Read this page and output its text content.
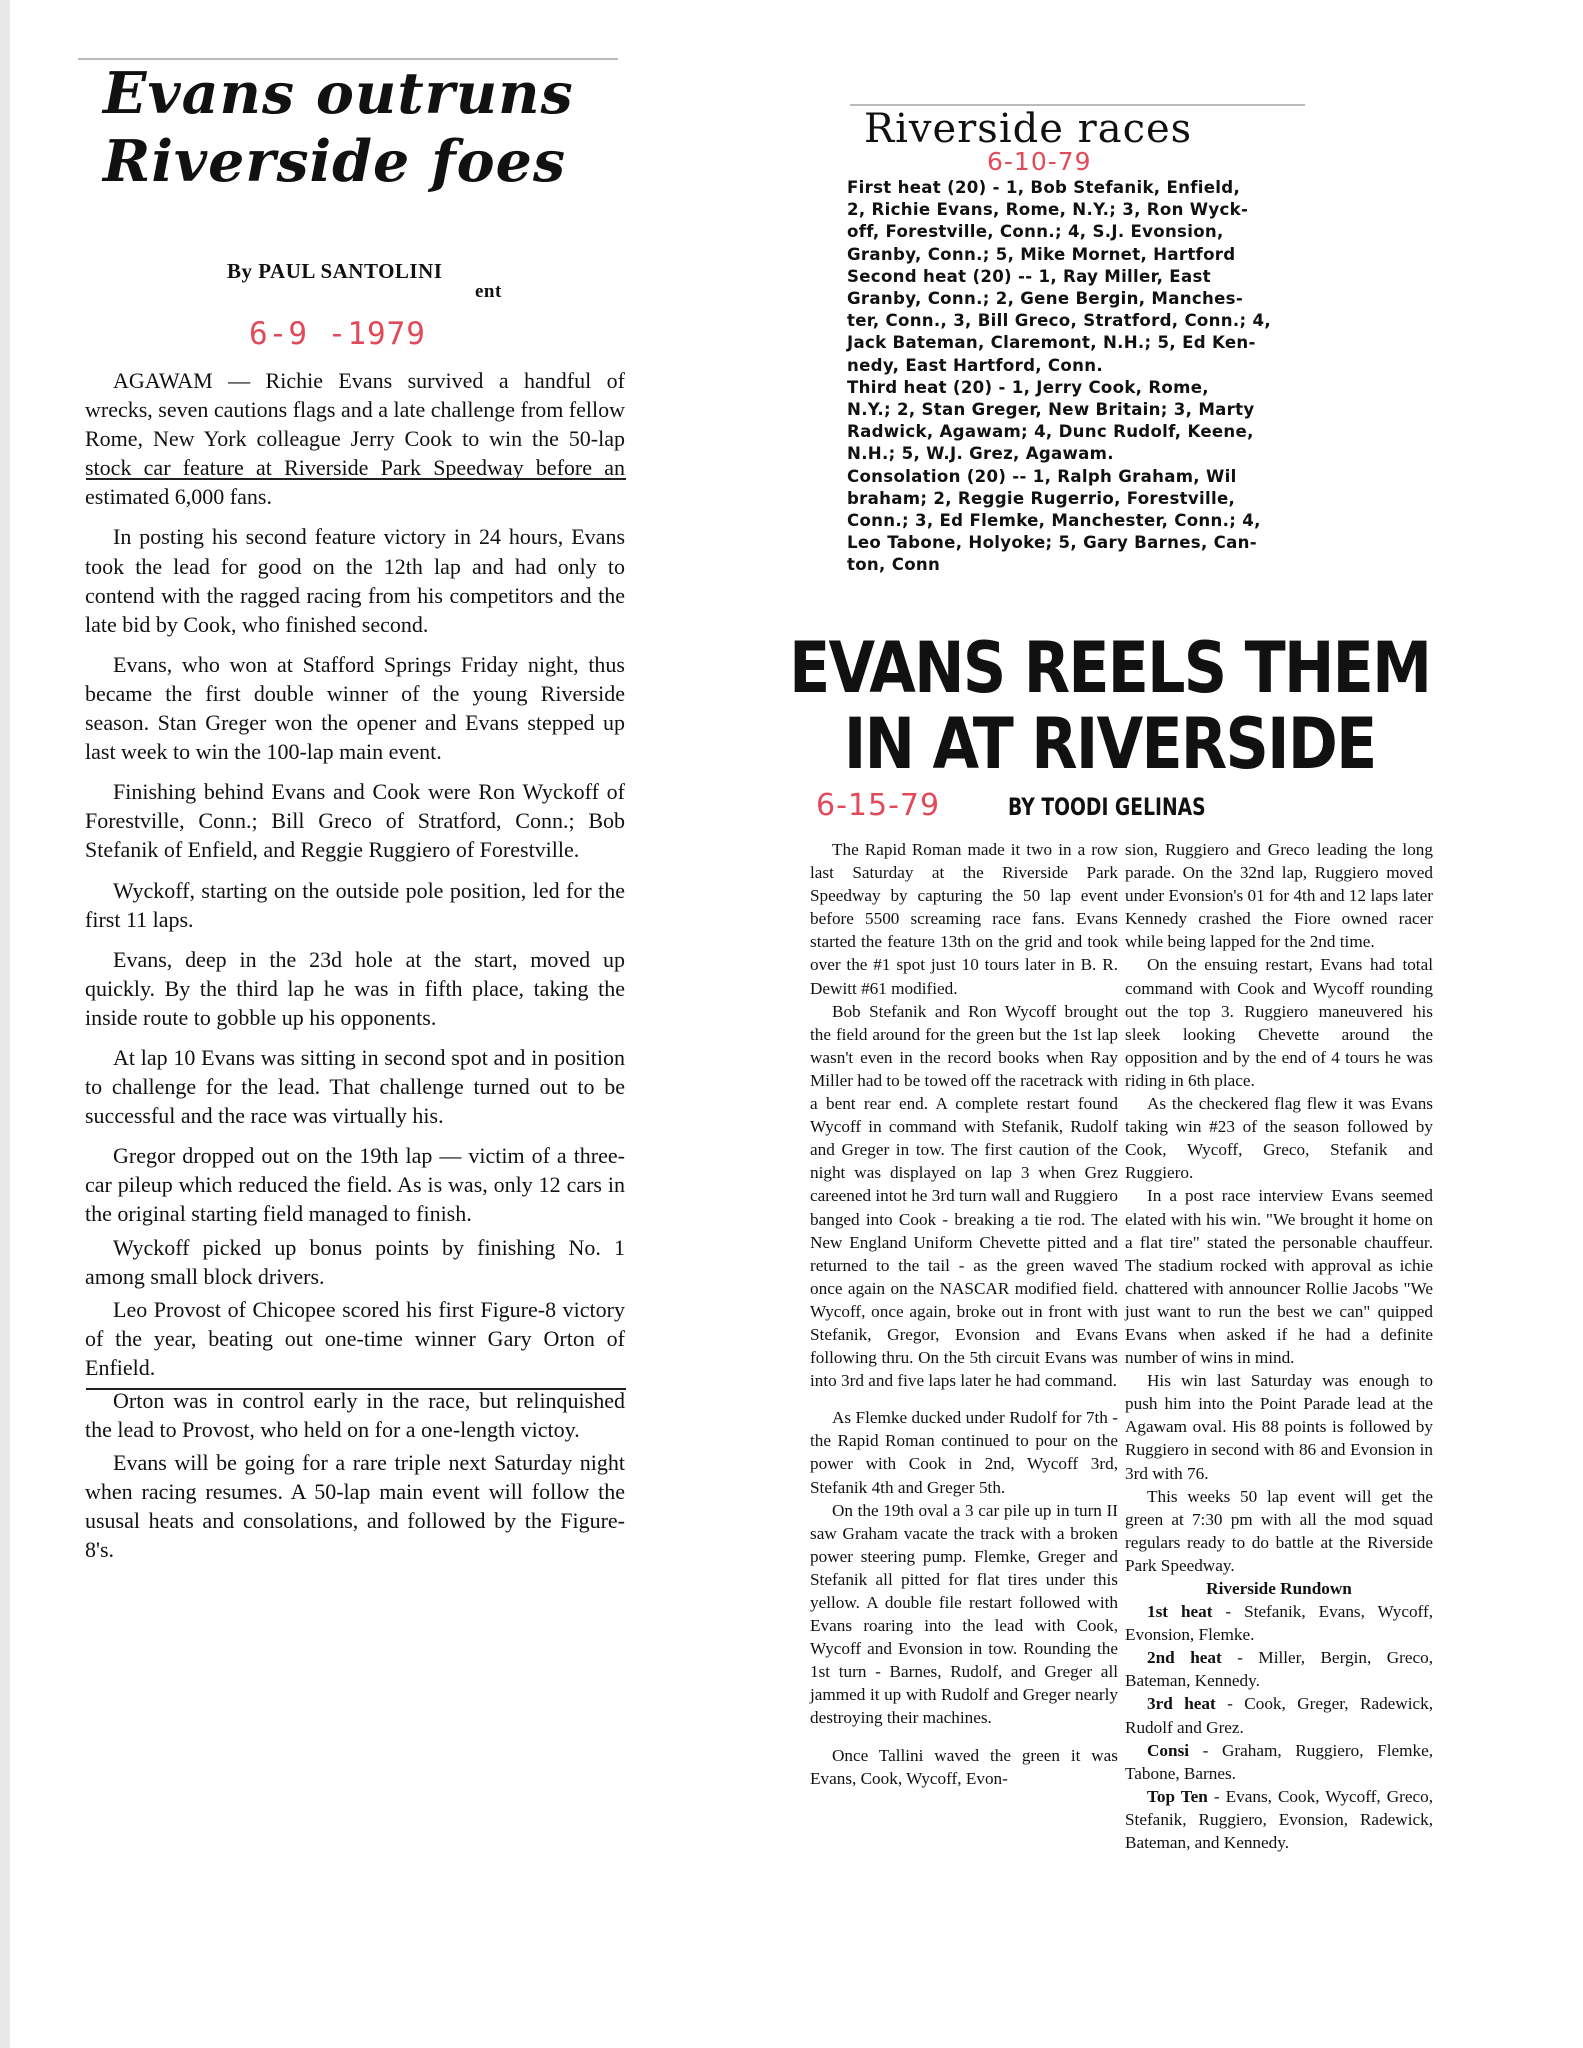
Evans outruns
Riverside foes
By PAUL SANTOLINI
ent
6-9 -1979

AGAWAM — Richie Evans survived a handful of wrecks, seven cautions flags and a late challenge from fellow Rome, New York colleague Jerry Cook to win the 50-lap stock car feature at Riverside Park Speedway before an estimated 6,000 fans.

In posting his second feature victory in 24 hours, Evans took the lead for good on the 12th lap and had only to contend with the ragged racing from his competitors and the late bid by Cook, who finished second.

Evans, who won at Stafford Springs Friday night, thus became the first double winner of the young Riverside season. Stan Greger won the opener and Evans stepped up last week to win the 100-lap main event.

Finishing behind Evans and Cook were Ron Wyckoff of Forestville, Conn.; Bill Greco of Stratford, Conn.; Bob Stefanik of Enfield, and Reggie Ruggiero of Forestville.

Wyckoff, starting on the outside pole position, led for the first 11 laps.

Evans, deep in the 23d hole at the start, moved up quickly. By the third lap he was in fifth place, taking the inside route to gobble up his opponents.

At lap 10 Evans was sitting in second spot and in position to challenge for the lead. That challenge turned out to be successful and the race was virtually his.

Gregor dropped out on the 19th lap — victim of a three-car pileup which reduced the field. As is was, only 12 cars in the original starting field managed to finish.

Wyckoff picked up bonus points by finishing No. 1 among small block drivers.

Leo Provost of Chicopee scored his first Figure-8 victory of the year, beating out one-time winner Gary Orton of Enfield.

Orton was in control early in the race, but relinquished the lead to Provost, who held on for a one-length victoy.

Evans will be going for a rare triple next Saturday night when racing resumes. A 50-lap main event will follow the ususal heats and consolations, and followed by the Figure-8's.

Riverside races
6-10-79
First heat (20) - 1, Bob Stefanik, Enfield,
2, Richie Evans, Rome, N.Y.; 3, Ron Wyck-
off, Forestville, Conn.; 4, S.J. Evonsion,
Granby, Conn.; 5, Mike Mornet, Hartford
Second heat (20) -- 1, Ray Miller, East
Granby, Conn.; 2, Gene Bergin, Manches-
ter, Conn., 3, Bill Greco, Stratford, Conn.; 4,
Jack Bateman, Claremont, N.H.; 5, Ed Ken-
nedy, East Hartford, Conn.
Third heat (20) - 1, Jerry Cook, Rome,
N.Y.; 2, Stan Greger, New Britain; 3, Marty
Radwick, Agawam; 4, Dunc Rudolf, Keene,
N.H.; 5, W.J. Grez, Agawam.
Consolation (20) -- 1, Ralph Graham, Wil
braham; 2, Reggie Rugerrio, Forestville,
Conn.; 3, Ed Flemke, Manchester, Conn.; 4,
Leo Tabone, Holyoke; 5, Gary Barnes, Can-
ton, Conn
EVANS REELS THEM
IN AT RIVERSIDE
6-15-79	BY TOODI GELINAS

The Rapid Roman made it two in a row last Saturday at the Riverside Park Speedway by capturing the 50 lap event before 5500 screaming race fans. Evans started the feature 13th on the grid and took over the #1 spot just 10 tours later in B. R. Dewitt #61 modified.

Bob Stefanik and Ron Wycoff brought the field around for the green but the 1st lap wasn't even in the record books when Ray Miller had to be towed off the racetrack with a bent rear end. A complete restart found Wycoff in command with Stefanik, Rudolf and Greger in tow. The first caution of the night was displayed on lap 3 when Grez careened intot he 3rd turn wall and Ruggiero banged into Cook - breaking a tie rod. The New England Uniform Chevette pitted and returned to the tail - as the green waved once again on the NASCAR modified field. Wycoff, once again, broke out in front with Stefanik, Gregor, Evonsion and Evans following thru. On the 5th circuit Evans was into 3rd and five laps later he had command.

As Flemke ducked under Rudolf for 7th - the Rapid Roman continued to pour on the power with Cook in 2nd, Wycoff 3rd, Stefanik 4th and Greger 5th.

On the 19th oval a 3 car pile up in turn II saw Graham vacate the track with a broken power steering pump. Flemke, Greger and Stefanik all pitted for flat tires under this yellow. A double file restart followed with Evans roaring into the lead with Cook, Wycoff and Evonsion in tow. Rounding the 1st turn - Barnes, Rudolf, and Greger all jammed it up with Rudolf and Greger nearly destroying their machines.

Once Tallini waved the green it was Evans, Cook, Wycoff, Evon-

sion, Ruggiero and Greco leading the long parade. On the 32nd lap, Ruggiero moved under Evonsion's 01 for 4th and 12 laps later Kennedy crashed the Fiore owned racer while being lapped for the 2nd time.

On the ensuing restart, Evans had total command with Cook and Wycoff rounding out the top 3. Ruggiero maneuvered his sleek looking Chevette around the opposition and by the end of 4 tours he was riding in 6th place.

As the checkered flag flew it was Evans taking win #23 of the season followed by Cook, Wycoff, Greco, Stefanik and Ruggiero.

In a post race interview Evans seemed elated with his win. "We brought it home on a flat tire" stated the personable chauffeur. The stadium rocked with approval as ichie chattered with announcer Rollie Jacobs "We just want to run the best we can" quipped Evans when asked if he had a definite number of wins in mind.

His win last Saturday was enough to push him into the Point Parade lead at the Agawam oval. His 88 points is followed by Ruggiero in second with 86 and Evonsion in 3rd with 76.

This weeks 50 lap event will get the green at 7:30 pm with all the mod squad regulars ready to do battle at the Riverside Park Speedway.

Riverside Rundown

1st heat - Stefanik, Evans, Wycoff, Evonsion, Flemke.

2nd heat - Miller, Bergin, Greco, Bateman, Kennedy.

3rd heat - Cook, Greger, Radewick, Rudolf and Grez.

Consi - Graham, Ruggiero, Flemke, Tabone, Barnes.

Top Ten - Evans, Cook, Wycoff, Greco, Stefanik, Ruggiero, Evonsion, Radewick, Bateman, and Kennedy.
